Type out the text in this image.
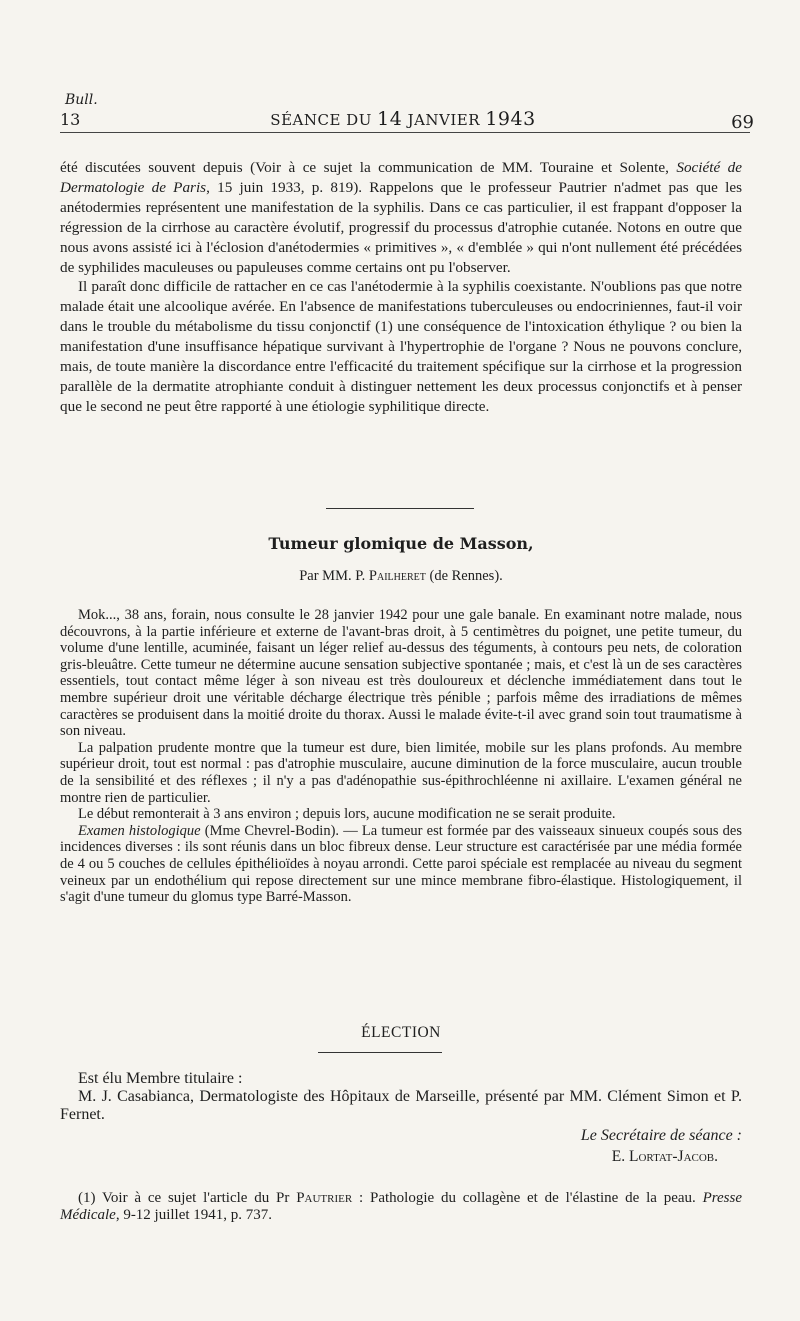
Bull.
13	SÉANCE DU 14 JANVIER 1943	69

été discutées souvent depuis (Voir à ce sujet la communication de MM. Touraine et Solente, Société de Dermatologie de Paris, 15 juin 1933, p. 819). Rappelons que le professeur Pautrier n'admet pas que les anétodermies représentent une manifestation de la syphilis. Dans ce cas particulier, il est frappant d'opposer la régression de la cirrhose au caractère évolutif, progressif du processus d'atrophie cutanée. Notons en outre que nous avons assisté ici à l'éclosion d'anétodermies « primitives », « d'emblée » qui n'ont nullement été précédées de syphilides maculeuses ou papuleuses comme certains ont pu l'observer.

Il paraît donc difficile de rattacher en ce cas l'anétodermie à la syphilis coexistante. N'oublions pas que notre malade était une alcoolique avérée. En l'absence de manifestations tuberculeuses ou endocriniennes, faut-il voir dans le trouble du métabolisme du tissu conjonctif (1) une conséquence de l'intoxication éthylique ? ou bien la manifestation d'une insuffisance hépatique survivant à l'hypertrophie de l'organe ? Nous ne pouvons conclure, mais, de toute manière la discordance entre l'efficacité du traitement spécifique sur la cirrhose et la progression parallèle de la dermatite atrophiante conduit à distinguer nettement les deux processus conjonctifs et à penser que le second ne peut être rapporté à une étiologie syphilitique directe.

Tumeur glomique de Masson,
Par MM. P. Pailheret (de Rennes).

Mok..., 38 ans, forain, nous consulte le 28 janvier 1942 pour une gale banale. En examinant notre malade, nous découvrons, à la partie inférieure et externe de l'avant-bras droit, à 5 centimètres du poignet, une petite tumeur, du volume d'une lentille, acuminée, faisant un léger relief au-dessus des téguments, à contours peu nets, de coloration gris-bleuâtre. Cette tumeur ne détermine aucune sensation subjective spontanée ; mais, et c'est là un de ses caractères essentiels, tout contact même léger à son niveau est très douloureux et déclenche immédiatement dans tout le membre supérieur droit une véritable décharge électrique très pénible ; parfois même des irradiations de mêmes caractères se produisent dans la moitié droite du thorax. Aussi le malade évite-t-il avec grand soin tout traumatisme à son niveau.

La palpation prudente montre que la tumeur est dure, bien limitée, mobile sur les plans profonds. Au membre supérieur droit, tout est normal : pas d'atrophie musculaire, aucune diminution de la force musculaire, aucun trouble de la sensibilité et des réflexes ; il n'y a pas d'adénopathie sus-épithrochléenne ni axillaire. L'examen général ne montre rien de particulier.

Le début remonterait à 3 ans environ ; depuis lors, aucune modification ne se serait produite.

Examen histologique (Mme Chevrel-Bodin). — La tumeur est formée par des vaisseaux sinueux coupés sous des incidences diverses : ils sont réunis dans un bloc fibreux dense. Leur structure est caractérisée par une média formée de 4 ou 5 couches de cellules épithélioïdes à noyau arrondi. Cette paroi spéciale est remplacée au niveau du segment veineux par un endothélium qui repose directement sur une mince membrane fibro-élastique. Histologiquement, il s'agit d'une tumeur du glomus type Barré-Masson.

ÉLECTION

Est élu Membre titulaire :

M. J. Casabianca, Dermatologiste des Hôpitaux de Marseille, présenté par MM. Clément Simon et P. Fernet.

Le Secrétaire de séance :
E. Lortat-Jacob.

(1) Voir à ce sujet l'article du Pr Pautrier : Pathologie du collagène et de l'élastine de la peau. Presse Médicale, 9-12 juillet 1941, p. 737.
